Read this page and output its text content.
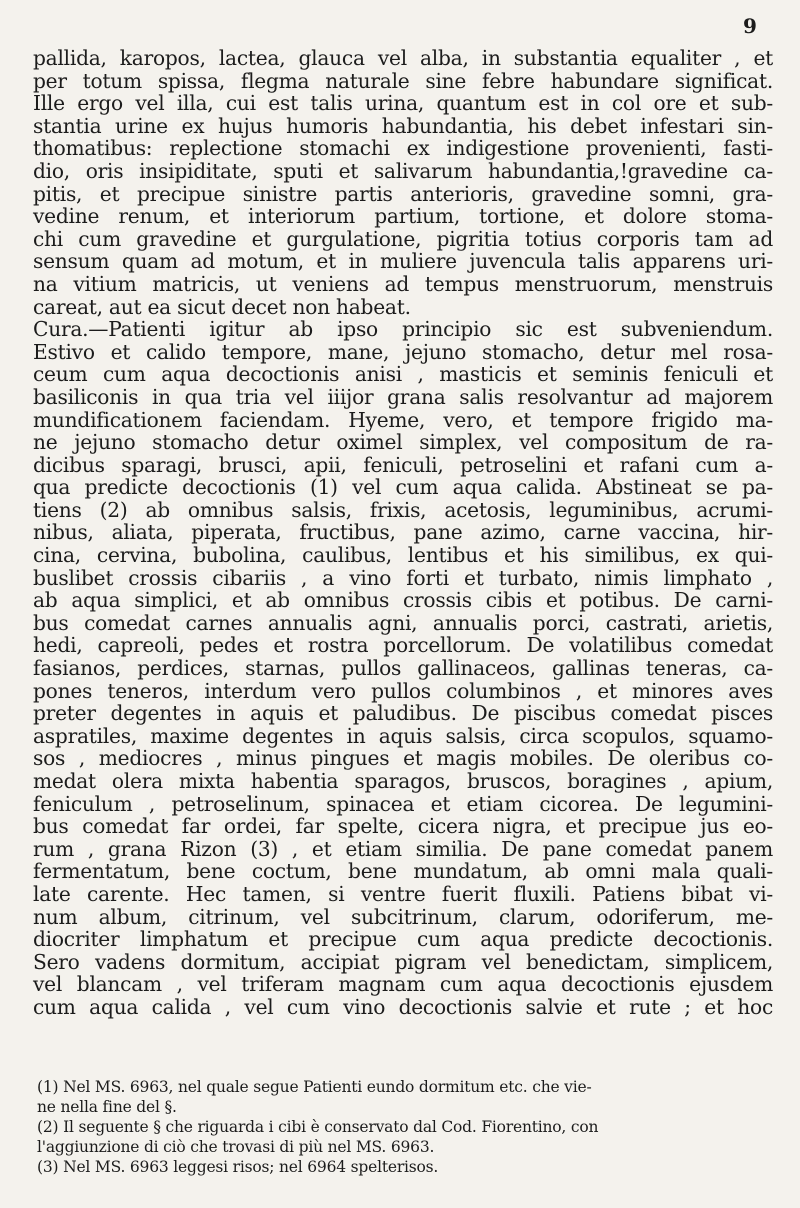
9
pallida, karopos, lactea, glauca vel alba, in substantia equaliter , et
per totum spissa, flegma naturale sine febre habundare significat.
Ille ergo vel illa, cui est talis urina, quantum est in col ore et sub-
stantia urine ex hujus humoris habundantia, his debet infestari sin-
thomatibus: replectione stomachi ex indigestione provenienti, fasti-
dio, oris insipiditate, sputi et salivarum habundantia,!gravedine ca-
pitis, et precipue sinistre partis anterioris, gravedine somni, gra-
vedine renum, et interiorum partium, tortione, et dolore stoma-
chi cum gravedine et gurgulatione, pigritia totius corporis tam ad
sensum quam ad motum, et in muliere juvencula talis apparens uri-
na vitium matricis, ut veniens ad tempus menstruorum, menstruis
careat, aut ea sicut decet non habeat.
Cura.—Patienti igitur ab ipso principio sic est subveniendum.
Estivo et calido tempore, mane, jejuno stomacho, detur mel rosa-
ceum cum aqua decoctionis anisi , masticis et seminis feniculi et
basiliconis in qua tria vel iiijor grana salis resolvantur ad majorem
mundificationem faciendam. Hyeme, vero, et tempore frigido ma-
ne jejuno stomacho detur oximel simplex, vel compositum de ra-
dicibus sparagi, brusci, apii, feniculi, petroselini et rafani cum a-
qua predicte decoctionis (1) vel cum aqua calida. Abstineat se pa-
tiens (2) ab omnibus salsis, frixis, acetosis, leguminibus, acrumi-
nibus, aliata, piperata, fructibus, pane azimo, carne vaccina, hir-
cina, cervina, bubolina, caulibus, lentibus et his similibus, ex qui-
buslibet crossis cibariis , a vino forti et turbato, nimis limphato ,
ab aqua simplici, et ab omnibus crossis cibis et potibus. De carni-
bus comedat carnes annualis agni, annualis porci, castrati, arietis,
hedi, capreoli, pedes et rostra porcellorum. De volatilibus comedat
fasianos, perdices, starnas, pullos gallinaceos, gallinas teneras, ca-
pones teneros, interdum vero pullos columbinos , et minores aves
preter degentes in aquis et paludibus. De piscibus comedat pisces
aspratiles, maxime degentes in aquis salsis, circa scopulos, squamo-
sos , mediocres , minus pingues et magis mobiles. De oleribus co-
medat olera mixta habentia sparagos, bruscos, boragines , apium,
feniculum , petroselinum, spinacea et etiam cicorea. De legumini-
bus comedat far ordei, far spelte, cicera nigra, et precipue jus eo-
rum , grana Rizon (3) , et etiam similia. De pane comedat panem
fermentatum, bene coctum, bene mundatum, ab omni mala quali-
late carente. Hec tamen, si ventre fuerit fluxili. Patiens bibat vi-
num album, citrinum, vel subcitrinum, clarum, odoriferum, me-
diocriter limphatum et precipue cum aqua predicte decoctionis.
Sero vadens dormitum, accipiat pigram vel benedictam, simplicem,
vel blancam , vel triferam magnam cum aqua decoctionis ejusdem
cum aqua calida , vel cum vino decoctionis salvie et rute ; et hoc
(1) Nel MS. 6963, nel quale segue Patienti eundo dormitum etc. che vie-
ne nella fine del §.
(2) Il seguente § che riguarda i cibi è conservato dal Cod. Fiorentino, con
l'aggiunzione di ciò che trovasi di più nel MS. 6963.
(3) Nel MS. 6963 leggesi risos; nel 6964 spelterisos.
